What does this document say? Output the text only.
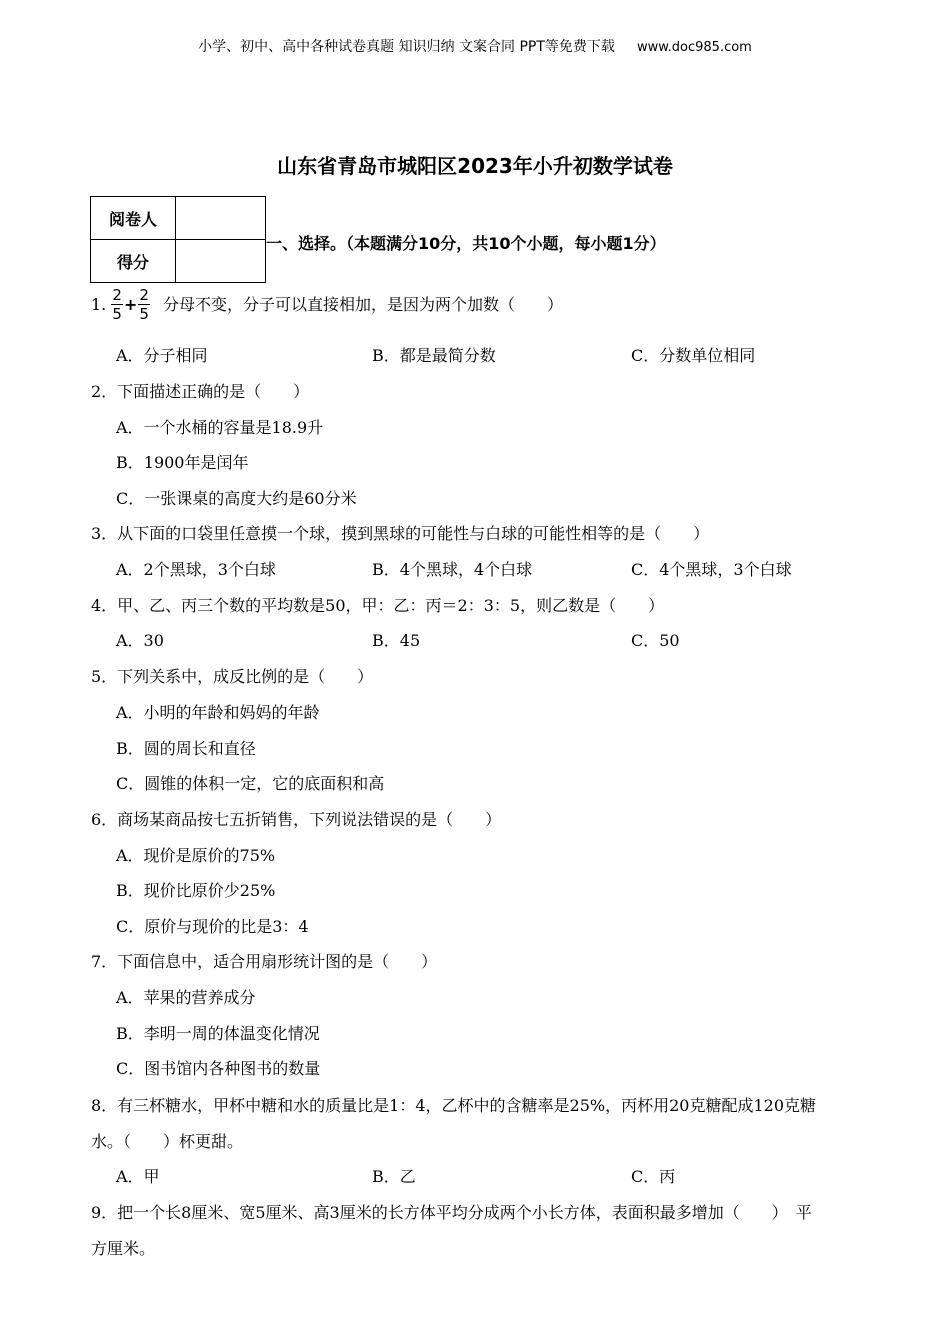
小学、初中、高中各种试卷真题 知识归纳 文案合同 PPT等免费下载 www.doc985.com
山东省青岛市城阳区2023年小升初数学试卷
阅卷人	
得分	
一、选择。（本题满分10分，共10个小题，每小题1分）
1. $\frac{2}{5} + \frac{2}{5}$ 分母不变，分子可以直接相加，是因为两个加数（　　）
A．分子相同	B．都是最简分数	C．分数单位相同
2．下面描述正确的是（　　）
A．一个水桶的容量是18.9升
B．1900年是闰年
C．一张课桌的高度大约是60分米
3．从下面的口袋里任意摸一个球，摸到黑球的可能性与白球的可能性相等的是（　　）
A．2个黑球，3个白球	B．4个黑球，4个白球	C．4个黑球，3个白球
4．甲、乙、丙三个数的平均数是50，甲：乙：丙＝2：3：5，则乙数是（　　）
A．30	B．45	C．50
5．下列关系中，成反比例的是（　　）
A．小明的年龄和妈妈的年龄
B．圆的周长和直径
C．圆锥的体积一定，它的底面积和高
6．商场某商品按七五折销售，下列说法错误的是（　　）
A．现价是原价的75%
B．现价比原价少25%
C．原价与现价的比是3：4
7．下面信息中，适合用扇形统计图的是（　　）
A．苹果的营养成分
B．李明一周的体温变化情况
C．图书馆内各种图书的数量
8．有三杯糖水，甲杯中糖和水的质量比是1：4，乙杯中的含糖率是25%，丙杯用20克糖配成120克糖
水。（　　）杯更甜。
A．甲	B．乙	C．丙
9．把一个长8厘米、宽5厘米、高3厘米的长方体平均分成两个小长方体，表面积最多增加（　　）　平
方厘米。
